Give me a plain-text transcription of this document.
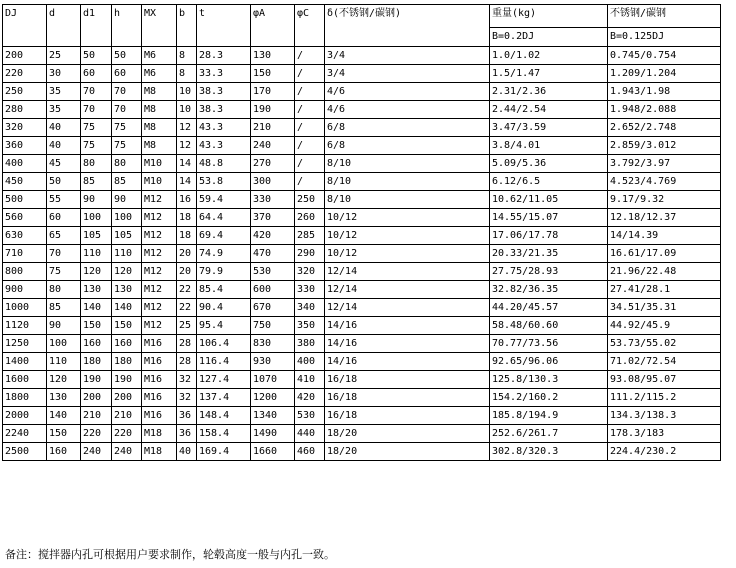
DJ	d	d1	h	MX	b	t	φA	φC	δ(不锈钢/碳钢)	重量(kg)	不锈钢/碳钢
										B=0.2DJ	B=0.125DJ
200	25	50	50	M6	8	28.3	130	/	3/4	1.0/1.02	0.745/0.754
220	30	60	60	M6	8	33.3	150	/	3/4	1.5/1.47	1.209/1.204
250	35	70	70	M8	10	38.3	170	/	4/6	2.31/2.36	1.943/1.98
280	35	70	70	M8	10	38.3	190	/	4/6	2.44/2.54	1.948/2.088
320	40	75	75	M8	12	43.3	210	/	6/8	3.47/3.59	2.652/2.748
360	40	75	75	M8	12	43.3	240	/	6/8	3.8/4.01	2.859/3.012
400	45	80	80	M10	14	48.8	270	/	8/10	5.09/5.36	3.792/3.97
450	50	85	85	M10	14	53.8	300	/	8/10	6.12/6.5	4.523/4.769
500	55	90	90	M12	16	59.4	330	250	8/10	10.62/11.05	9.17/9.32
560	60	100	100	M12	18	64.4	370	260	10/12	14.55/15.07	12.18/12.37
630	65	105	105	M12	18	69.4	420	285	10/12	17.06/17.78	14/14.39
710	70	110	110	M12	20	74.9	470	290	10/12	20.33/21.35	16.61/17.09
800	75	120	120	M12	20	79.9	530	320	12/14	27.75/28.93	21.96/22.48
900	80	130	130	M12	22	85.4	600	330	12/14	32.82/36.35	27.41/28.1
1000	85	140	140	M12	22	90.4	670	340	12/14	44.20/45.57	34.51/35.31
1120	90	150	150	M12	25	95.4	750	350	14/16	58.48/60.60	44.92/45.9
1250	100	160	160	M16	28	106.4	830	380	14/16	70.77/73.56	53.73/55.02
1400	110	180	180	M16	28	116.4	930	400	14/16	92.65/96.06	71.02/72.54
1600	120	190	190	M16	32	127.4	1070	410	16/18	125.8/130.3	93.08/95.07
1800	130	200	200	M16	32	137.4	1200	420	16/18	154.2/160.2	111.2/115.2
2000	140	210	210	M16	36	148.4	1340	530	16/18	185.8/194.9	134.3/138.3
2240	150	220	220	M18	36	158.4	1490	440	18/20	252.6/261.7	178.3/183
2500	160	240	240	M18	40	169.4	1660	460	18/20	302.8/320.3	224.4/230.2
备注：搅拌器内孔可根据用户要求制作，轮毂高度一般与内孔一致。
